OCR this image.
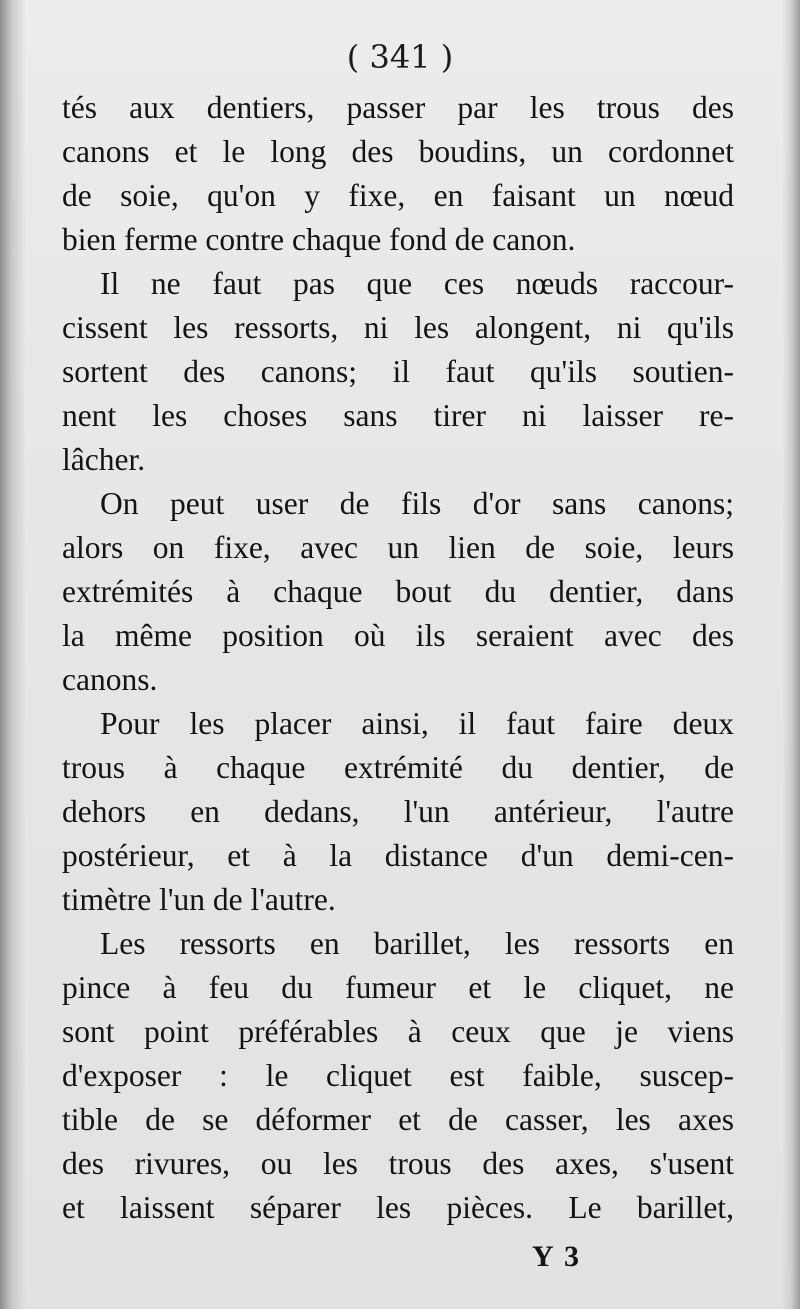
( 341 )
tés aux dentiers, passer par les trous des
canons et le long des boudins, un cordonnet
de soie, qu'on y fixe, en faisant un nœud
bien ferme contre chaque fond de canon.
Il ne faut pas que ces nœuds raccour-
cissent les ressorts, ni les alongent, ni qu'ils
sortent des canons; il faut qu'ils soutien-
nent les choses sans tirer ni laisser re-
lâcher.
On peut user de fils d'or sans canons;
alors on fixe, avec un lien de soie, leurs
extrémités à chaque bout du dentier, dans
la même position où ils seraient avec des
canons.
Pour les placer ainsi, il faut faire deux
trous à chaque extrémité du dentier, de
dehors en dedans, l'un antérieur, l'autre
postérieur, et à la distance d'un demi-cen-
timètre l'un de l'autre.
Les ressorts en barillet, les ressorts en
pince à feu du fumeur et le cliquet, ne
sont point préférables à ceux que je viens
d'exposer : le cliquet est faible, suscep-
tible de se déformer et de casser, les axes
des rivures, ou les trous des axes, s'usent
et laissent séparer les pièces. Le barillet,
Y 3
